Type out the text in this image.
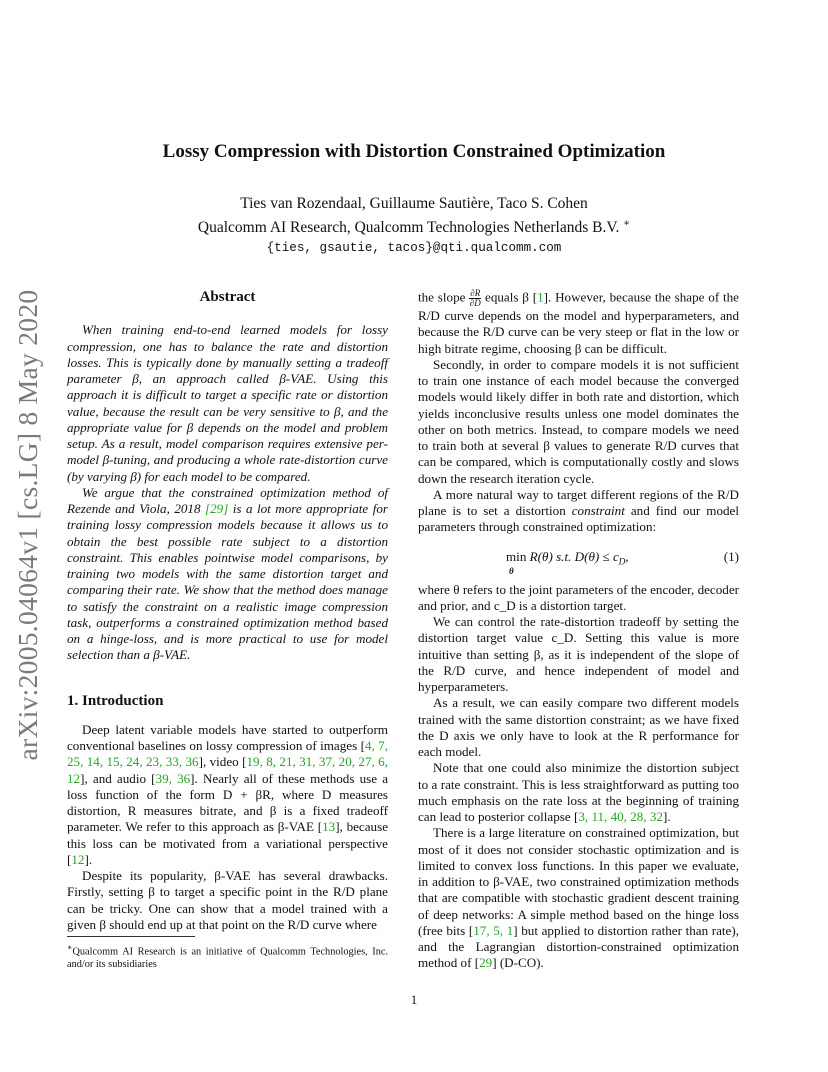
arXiv:2005.04064v1 [cs.LG] 8 May 2020
Lossy Compression with Distortion Constrained Optimization
Ties van Rozendaal, Guillaume Sautière, Taco S. Cohen
Qualcomm AI Research, Qualcomm Technologies Netherlands B.V. ∗
{ties, gsautie, tacos}@qti.qualcomm.com
Abstract

When training end-to-end learned models for lossy compression, one has to balance the rate and distortion losses. This is typically done by manually setting a tradeoff parameter β, an approach called β-VAE. Using this approach it is difficult to target a specific rate or distortion value, because the result can be very sensitive to β, and the appropriate value for β depends on the model and problem setup. As a result, model comparison requires extensive per-model β-tuning, and producing a whole rate-distortion curve (by varying β) for each model to be compared.

We argue that the constrained optimization method of Rezende and Viola, 2018 [29] is a lot more appropriate for training lossy compression models because it allows us to obtain the best possible rate subject to a distortion constraint. This enables pointwise model comparisons, by training two models with the same distortion target and comparing their rate. We show that the method does manage to satisfy the constraint on a realistic image compression task, outperforms a constrained optimization method based on a hinge-loss, and is more practical to use for model selection than a β-VAE.

1. Introduction

Deep latent variable models have started to outperform conventional baselines on lossy compression of images [4, 7, 25, 14, 15, 24, 23, 33, 36], video [19, 8, 21, 31, 37, 20, 27, 6, 12], and audio [39, 36]. Nearly all of these methods use a loss function of the form D + βR, where D measures distortion, R measures bitrate, and β is a fixed tradeoff parameter. We refer to this approach as β-VAE [13], because this loss can be motivated from a variational perspective [12].

Despite its popularity, β-VAE has several drawbacks. Firstly, setting β to target a specific point in the R/D plane can be tricky. One can show that a model trained with a given β should end up at that point on the R/D curve where

the slope $\frac{\partial R}{\partial D}$ equals β [1]. However, because the shape of the R/D curve depends on the model and hyperparameters, and because the R/D curve can be very steep or flat in the low or high bitrate regime, choosing β can be difficult.

Secondly, in order to compare models it is not sufficient to train one instance of each model because the converged models would likely differ in both rate and distortion, which yields inconclusive results unless one model dominates the other on both metrics. Instead, to compare models we need to train both at several β values to generate R/D curves that can be compared, which is computationally costly and slows down the research iteration cycle.

A more natural way to target different regions of the R/D plane is to set a distortion constraint and find our model parameters through constrained optimization:

min
θ
R(θ) s.t. $D(\theta) \le c_D$,	(1)

where θ refers to the joint parameters of the encoder, decoder and prior, and c_D is a distortion target.

We can control the rate-distortion tradeoff by setting the distortion target value c_D. Setting this value is more intuitive than setting β, as it is independent of the slope of the R/D curve, and hence independent of model and hyperparameters.

As a result, we can easily compare two different models trained with the same distortion constraint; as we have fixed the D axis we only have to look at the R performance for each model.

Note that one could also minimize the distortion subject to a rate constraint. This is less straightforward as putting too much emphasis on the rate loss at the beginning of training can lead to posterior collapse [3, 11, 40, 28, 32].

There is a large literature on constrained optimization, but most of it does not consider stochastic optimization and is limited to convex loss functions. In this paper we evaluate, in addition to β-VAE, two constrained optimization methods that are compatible with stochastic gradient descent training of deep networks: A simple method based on the hinge loss (free bits [17, 5, 1] but applied to distortion rather than rate), and the Lagrangian distortion-constrained optimization method of [29] (D-CO).

∗Qualcomm AI Research is an initiative of Qualcomm Technologies, Inc. and/or its subsidiaries
1
